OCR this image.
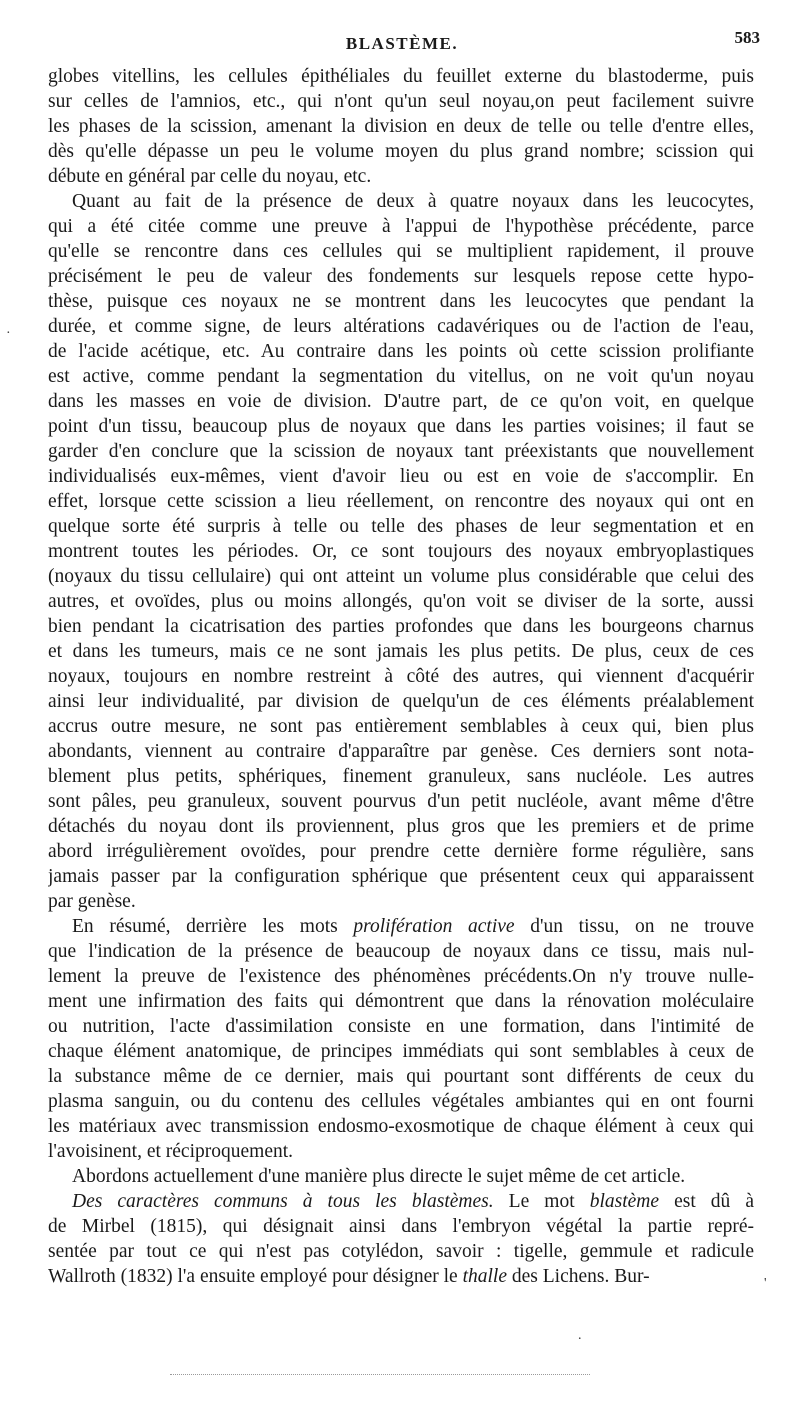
BLASTÈME.	583
globes vitellins, les cellules épithéliales du feuillet externe du blastoderme, puis
sur celles de l'amnios, etc., qui n'ont qu'un seul noyau,on peut facilement suivre
les phases de la scission, amenant la division en deux de telle ou telle d'entre elles,
dès qu'elle dépasse un peu le volume moyen du plus grand nombre; scission qui
débute en général par celle du noyau, etc.
Quant au fait de la présence de deux à quatre noyaux dans les leucocytes,
qui a été citée comme une preuve à l'appui de l'hypothèse précédente, parce
qu'elle se rencontre dans ces cellules qui se multiplient rapidement, il prouve
précisément le peu de valeur des fondements sur lesquels repose cette hypo-
thèse, puisque ces noyaux ne se montrent dans les leucocytes que pendant la
durée, et comme signe, de leurs altérations cadavériques ou de l'action de l'eau,
de l'acide acétique, etc. Au contraire dans les points où cette scission prolifiante
est active, comme pendant la segmentation du vitellus, on ne voit qu'un noyau
dans les masses en voie de division. D'autre part, de ce qu'on voit, en quelque
point d'un tissu, beaucoup plus de noyaux que dans les parties voisines; il faut se
garder d'en conclure que la scission de noyaux tant préexistants que nouvellement
individualisés eux-mêmes, vient d'avoir lieu ou est en voie de s'accomplir. En
effet, lorsque cette scission a lieu réellement, on rencontre des noyaux qui ont en
quelque sorte été surpris à telle ou telle des phases de leur segmentation et en
montrent toutes les périodes. Or, ce sont toujours des noyaux embryoplastiques
(noyaux du tissu cellulaire) qui ont atteint un volume plus considérable que celui des
autres, et ovoïdes, plus ou moins allongés, qu'on voit se diviser de la sorte, aussi
bien pendant la cicatrisation des parties profondes que dans les bourgeons charnus
et dans les tumeurs, mais ce ne sont jamais les plus petits. De plus, ceux de ces
noyaux, toujours en nombre restreint à côté des autres, qui viennent d'acquérir
ainsi leur individualité, par division de quelqu'un de ces éléments préalablement
accrus outre mesure, ne sont pas entièrement semblables à ceux qui, bien plus
abondants, viennent au contraire d'apparaître par genèse. Ces derniers sont nota-
blement plus petits, sphériques, finement granuleux, sans nucléole. Les autres
sont pâles, peu granuleux, souvent pourvus d'un petit nucléole, avant même d'être
détachés du noyau dont ils proviennent, plus gros que les premiers et de prime
abord irrégulièrement ovoïdes, pour prendre cette dernière forme régulière, sans
jamais passer par la configuration sphérique que présentent ceux qui apparaissent
par genèse.
En résumé, derrière les mots prolifération active d'un tissu, on ne trouve
que l'indication de la présence de beaucoup de noyaux dans ce tissu, mais nul-
lement la preuve de l'existence des phénomènes précédents.On n'y trouve nulle-
ment une infirmation des faits qui démontrent que dans la rénovation moléculaire
ou nutrition, l'acte d'assimilation consiste en une formation, dans l'intimité de
chaque élément anatomique, de principes immédiats qui sont semblables à ceux de
la substance même de ce dernier, mais qui pourtant sont différents de ceux du
plasma sanguin, ou du contenu des cellules végétales ambiantes qui en ont fourni
les matériaux avec transmission endosmo-exosmotique de chaque élément à ceux qui
l'avoisinent, et réciproquement.
Abordons actuellement d'une manière plus directe le sujet même de cet article.
Des caractères communs à tous les blastèmes. Le mot blastème est dû à
de Mirbel (1815), qui désignait ainsi dans l'embryon végétal la partie repré-
sentée par tout ce qui n'est pas cotylédon, savoir : tigelle, gemmule et radicule
Wallroth (1832) l'a ensuite employé pour désigner le thalle des Lichens. Bur-
·
'
.
